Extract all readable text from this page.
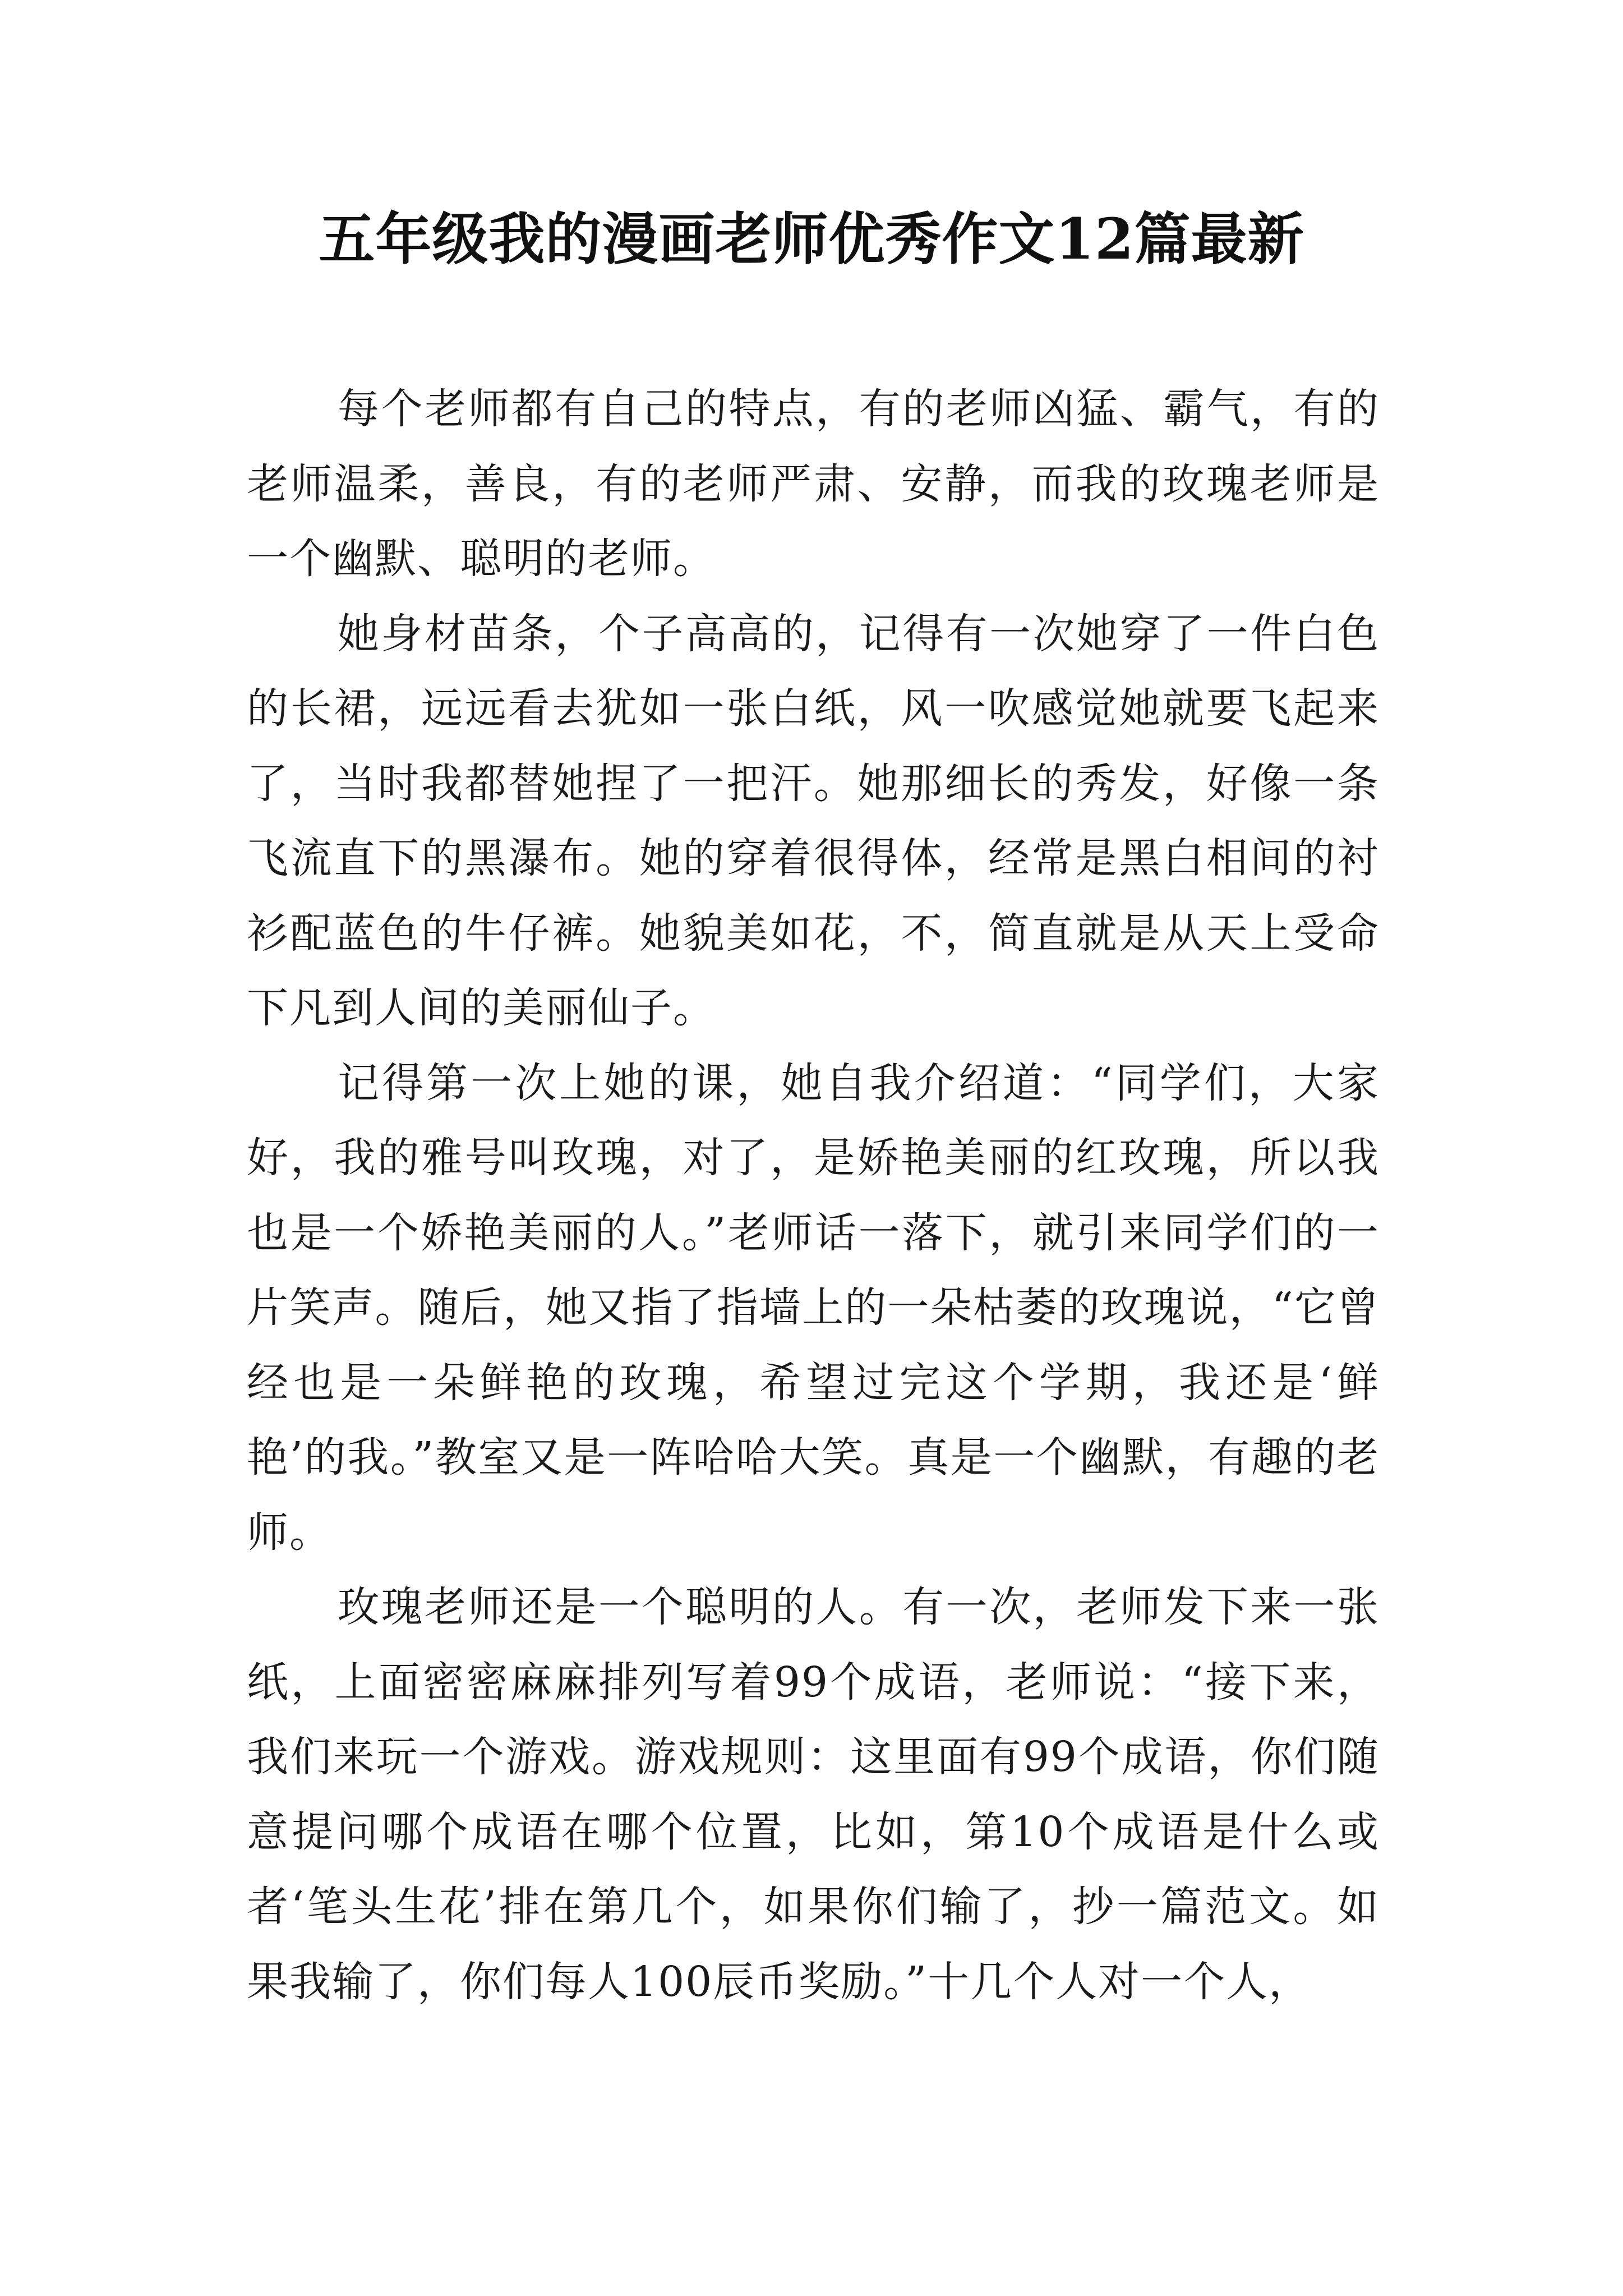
五年级我的漫画老师优秀作文12篇最新

每个老师都有自己的特点，有的老师凶猛、霸气，有的老师温柔，善良，有的老师严肃、安静，而我的玫瑰老师是一个幽默、聪明的老师。

她身材苗条，个子高高的，记得有一次她穿了一件白色的长裙，远远看去犹如一张白纸，风一吹感觉她就要飞起来了，当时我都替她捏了一把汗。她那细长的秀发，好像一条飞流直下的黑瀑布。她的穿着很得体，经常是黑白相间的衬衫配蓝色的牛仔裤。她貌美如花，不，简直就是从天上受命下凡到人间的美丽仙子。

记得第一次上她的课，她自我介绍道：“同学们，大家好，我的雅号叫玫瑰，对了，是娇艳美丽的红玫瑰，所以我也是一个娇艳美丽的人。”老师话一落下，就引来同学们的一片笑声。随后，她又指了指墙上的一朵枯萎的玫瑰说，“它曾经也是一朵鲜艳的玫瑰，希望过完这个学期，我还是‘鲜艳’的我。”教室又是一阵哈哈大笑。真是一个幽默，有趣的老师。

玫瑰老师还是一个聪明的人。有一次，老师发下来一张纸，上面密密麻麻排列写着99个成语，老师说：“接下来，我们来玩一个游戏。游戏规则：这里面有99个成语，你们随意提问哪个成语在哪个位置，比如，第10个成语是什么或者‘笔头生花’排在第几个，如果你们输了，抄一篇范文。如果我输了，你们每人100辰币奖励。”十几个人对一个人，
